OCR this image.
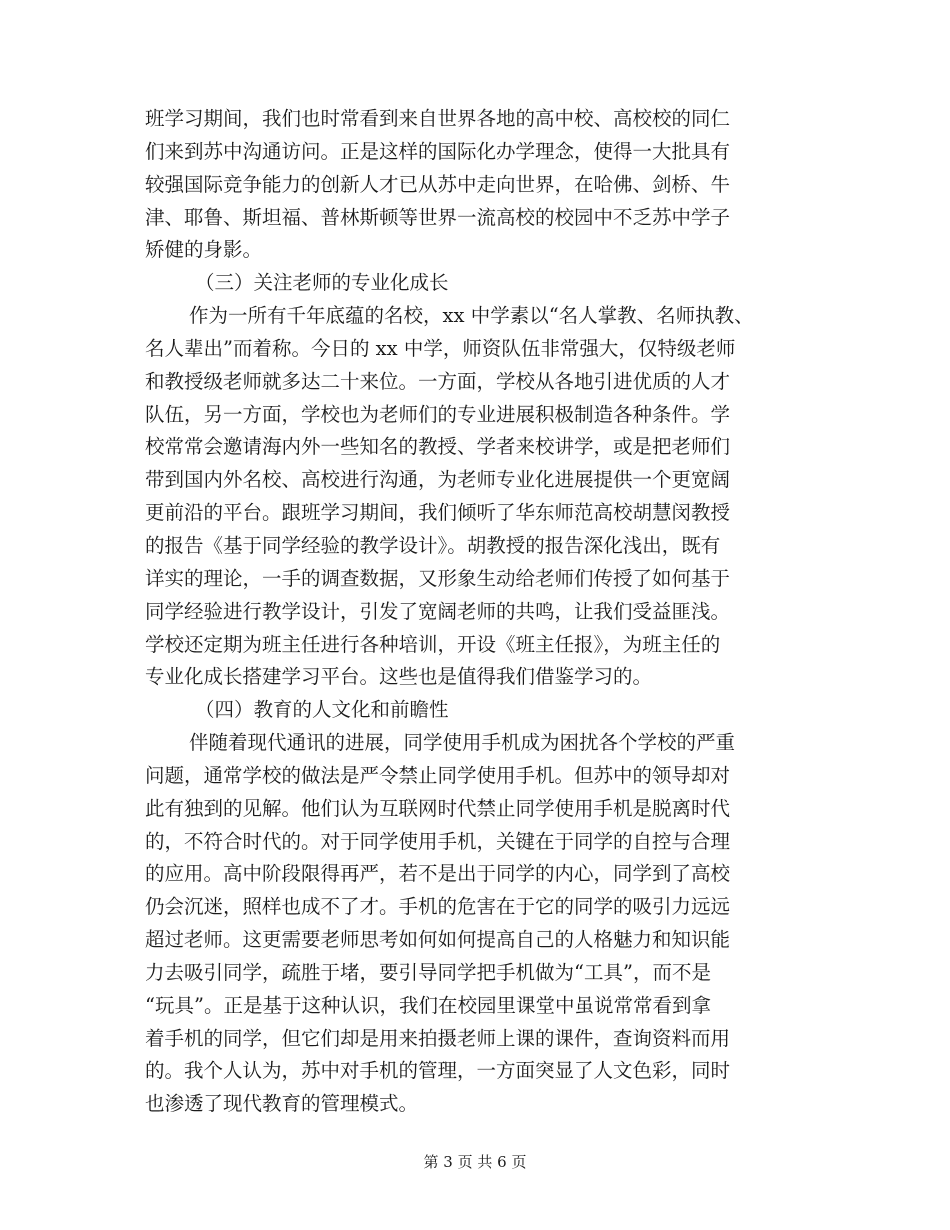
班学习期间，我们也时常看到来自世界各地的高中校、高校校的同仁
们来到苏中沟通访问。正是这样的国际化办学理念，使得一大批具有
较强国际竞争能力的创新人才已从苏中走向世界，在哈佛、剑桥、牛
津、耶鲁、斯坦福、普林斯顿等世界一流高校的校园中不乏苏中学子
矫健的身影。
（三）关注老师的专业化成长
作为一所有千年底蕴的名校，xx 中学素以“名人掌教、名师执教、
名人辈出”而着称。今日的 xx 中学，师资队伍非常强大，仅特级老师
和教授级老师就多达二十来位。一方面，学校从各地引进优质的人才
队伍，另一方面，学校也为老师们的专业进展积极制造各种条件。学
校常常会邀请海内外一些知名的教授、学者来校讲学，或是把老师们
带到国内外名校、高校进行沟通，为老师专业化进展提供一个更宽阔
更前沿的平台。跟班学习期间，我们倾听了华东师范高校胡慧闵教授
的报告《基于同学经验的教学设计》。胡教授的报告深化浅出，既有
详实的理论，一手的调查数据，又形象生动给老师们传授了如何基于
同学经验进行教学设计，引发了宽阔老师的共鸣，让我们受益匪浅。
学校还定期为班主任进行各种培训，开设《班主任报》，为班主任的
专业化成长搭建学习平台。这些也是值得我们借鉴学习的。
（四）教育的人文化和前瞻性
伴随着现代通讯的进展，同学使用手机成为困扰各个学校的严重
问题，通常学校的做法是严令禁止同学使用手机。但苏中的领导却对
此有独到的见解。他们认为互联网时代禁止同学使用手机是脱离时代
的，不符合时代的。对于同学使用手机，关键在于同学的自控与合理
的应用。高中阶段限得再严，若不是出于同学的内心，同学到了高校
仍会沉迷，照样也成不了才。手机的危害在于它的同学的吸引力远远
超过老师。这更需要老师思考如何如何提高自己的人格魅力和知识能
力去吸引同学，疏胜于堵，要引导同学把手机做为“工具”，而不是
“玩具”。正是基于这种认识，我们在校园里课堂中虽说常常看到拿
着手机的同学，但它们却是用来拍摄老师上课的课件，查询资料而用
的。我个人认为，苏中对手机的管理，一方面突显了人文色彩，同时
也渗透了现代教育的管理模式。
第 3 页 共 6 页
